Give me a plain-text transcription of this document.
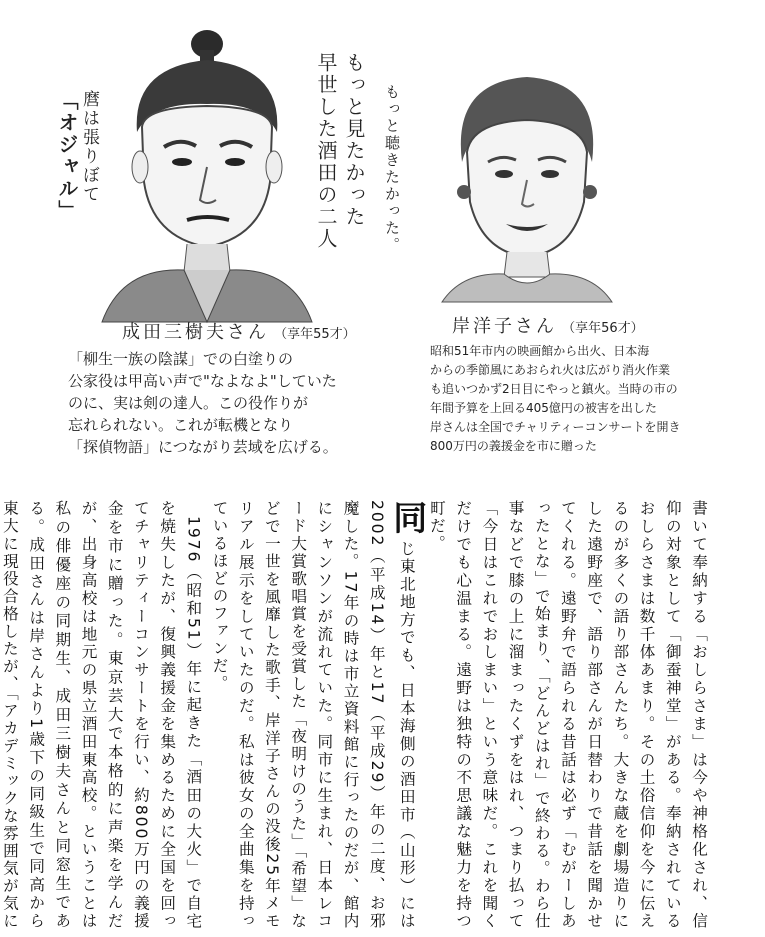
麿は張りぼて
「オジャル」	もっと見たかった
早世した酒田の二人	もっと聴きたかった。
成田三樹夫さん （享年55才）
「柳生一族の陰謀」での白塗りの
公家役は甲高い声で"なよなよ"していた
のに、実は剣の達人。この役作りが
忘れられない。これが転機となり
「探偵物語」につながり芸域を広げる。
岸洋子さん （享年56才）
昭和51年市内の映画館から出火、日本海
からの季節風にあおられ火は広がり消火作業
も追いつかず2日目にやっと鎮火。当時の市の
年間予算を上回る405億円の被害を出した
岸さんは全国でチャリティーコンサートを開き
800万円の義援金を市に贈った

書いて奉納する「おしらさま」は今や神格化され、信仰の対象として「御蚕神堂」がある。奉納されているおしらさまは数千体あまり。その土俗信仰を今に伝えるのが多くの語り部さんたち。大きな蔵を劇場造りにした遠野座で、語り部さんが日替わりで昔話を聞かせてくれる。遠野弁で語られる昔話は必ず「むがーしあったとな」で始まり、「どんどはれ」で終わる。わら仕事などで膝の上に溜まったくずをはれ、つまり払って「今日はこれでおしまい」という意味だ。これを聞くだけでも心温まる。遠野は独特の不思議な魅力を持つ町だ。

同じ東北地方でも、日本海側の酒田市（山形）には2002（平成14）年と17（平成29）年の二度、お邪魔した。17年の時は市立資料館に行ったのだが、館内にシャンソンが流れていた。同市に生まれ、日本レコード大賞歌唱賞を受賞した「夜明けのうた」「希望」などで一世を風靡した歌手、岸洋子さんの没後25年メモリアル展示をしていたのだ。私は彼女の全曲集を持っているほどのファンだ。

1976（昭和51）年に起きた「酒田の大火」で自宅を焼失したが、復興義援金を集めるために全国を回ってチャリティーコンサートを行い、約800万円の義援金を市に贈った。東京芸大で本格的に声楽を学んだが、出身高校は地元の県立酒田東高校。ということは私の俳優座の同期生、成田三樹夫さんと同窓生である。成田さんは岸さんより1歳下の同級生で同高から東大に現役合格したが、「アカデミックな雰囲気が気に
